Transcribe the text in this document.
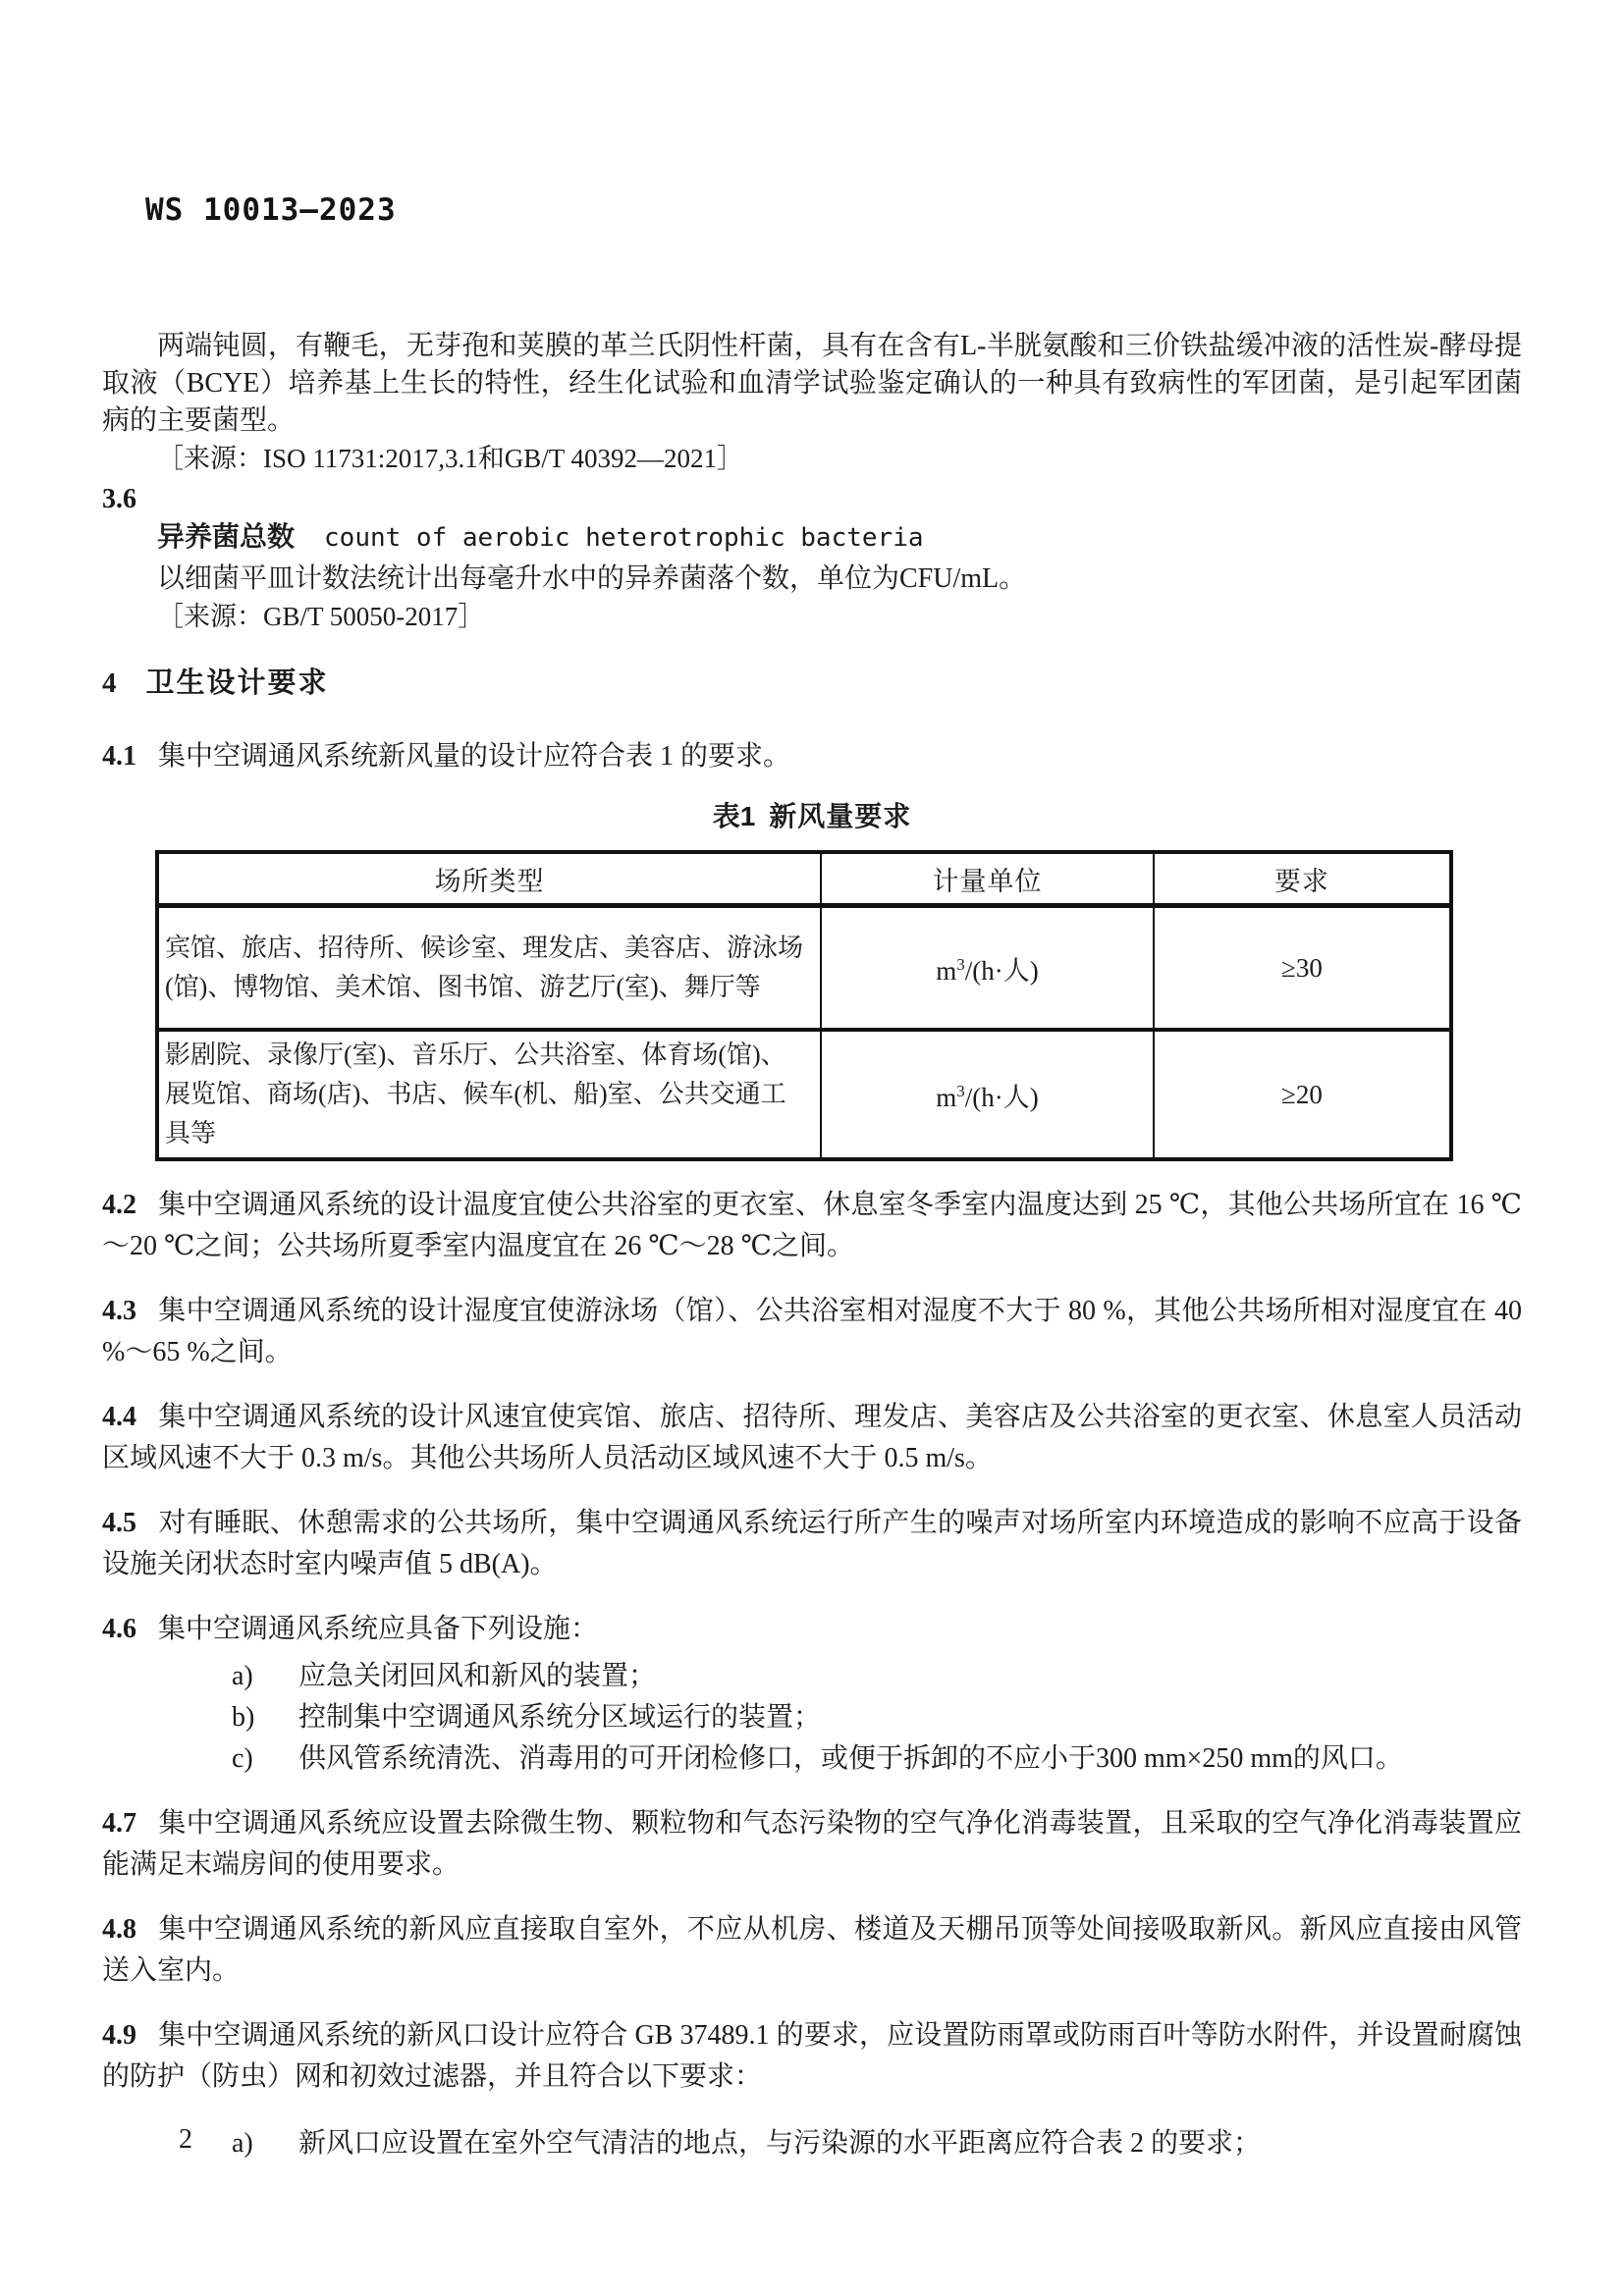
WS 10013—2023

两端钝圆，有鞭毛，无芽孢和荚膜的革兰氏阴性杆菌，具有在含有L-半胱氨酸和三价铁盐缓冲液的活性炭-酵母提取液（BCYE）培养基上生长的特性，经生化试验和血清学试验鉴定确认的一种具有致病性的军团菌，是引起军团菌病的主要菌型。

［来源：ISO 11731:2017,3.1和GB/T 40392—2021］

3.6

异养菌总数 count of aerobic heterotrophic bacteria

以细菌平皿计数法统计出每毫升水中的异养菌落个数，单位为CFU/mL。

［来源：GB/T 50050-2017］

4 卫生设计要求

4.1 集中空调通风系统新风量的设计应符合表 1 的要求。

表1 新风量要求
场所类型	计量单位	要求
宾馆、旅店、招待所、候诊室、理发店、美容店、游泳场(馆)、博物馆、美术馆、图书馆、游艺厅(室)、舞厅等	$m^3/(h\cdot$人)	≥30
影剧院、录像厅(室)、音乐厅、公共浴室、体育场(馆)、展览馆、商场(店)、书店、候车(机、船)室、公共交通工具等	$m^3/(h\cdot$人)	≥20

4.2 集中空调通风系统的设计温度宜使公共浴室的更衣室、休息室冬季室内温度达到 25 ℃，其他公共场所宜在 16 ℃～20 ℃之间；公共场所夏季室内温度宜在 26 ℃～28 ℃之间。

4.3 集中空调通风系统的设计湿度宜使游泳场（馆）、公共浴室相对湿度不大于 80 %，其他公共场所相对湿度宜在 40 %～65 %之间。

4.4 集中空调通风系统的设计风速宜使宾馆、旅店、招待所、理发店、美容店及公共浴室的更衣室、休息室人员活动区域风速不大于 0.3 m/s。其他公共场所人员活动区域风速不大于 0.5 m/s。

4.5 对有睡眠、休憩需求的公共场所，集中空调通风系统运行所产生的噪声对场所室内环境造成的影响不应高于设备设施关闭状态时室内噪声值 5 dB(A)。

4.6 集中空调通风系统应具备下列设施：

a) 应急关闭回风和新风的装置；
b) 控制集中空调通风系统分区域运行的装置；
c) 供风管系统清洗、消毒用的可开闭检修口，或便于拆卸的不应小于300 mm×250 mm的风口。

4.7 集中空调通风系统应设置去除微生物、颗粒物和气态污染物的空气净化消毒装置，且采取的空气净化消毒装置应能满足末端房间的使用要求。

4.8 集中空调通风系统的新风应直接取自室外，不应从机房、楼道及天棚吊顶等处间接吸取新风。新风应直接由风管送入室内。

4.9 集中空调通风系统的新风口设计应符合 GB 37489.1 的要求，应设置防雨罩或防雨百叶等防水附件，并设置耐腐蚀的防护（防虫）网和初效过滤器，并且符合以下要求：

a) 新风口应设置在室外空气清洁的地点，与污染源的水平距离应符合表 2 的要求；
2
